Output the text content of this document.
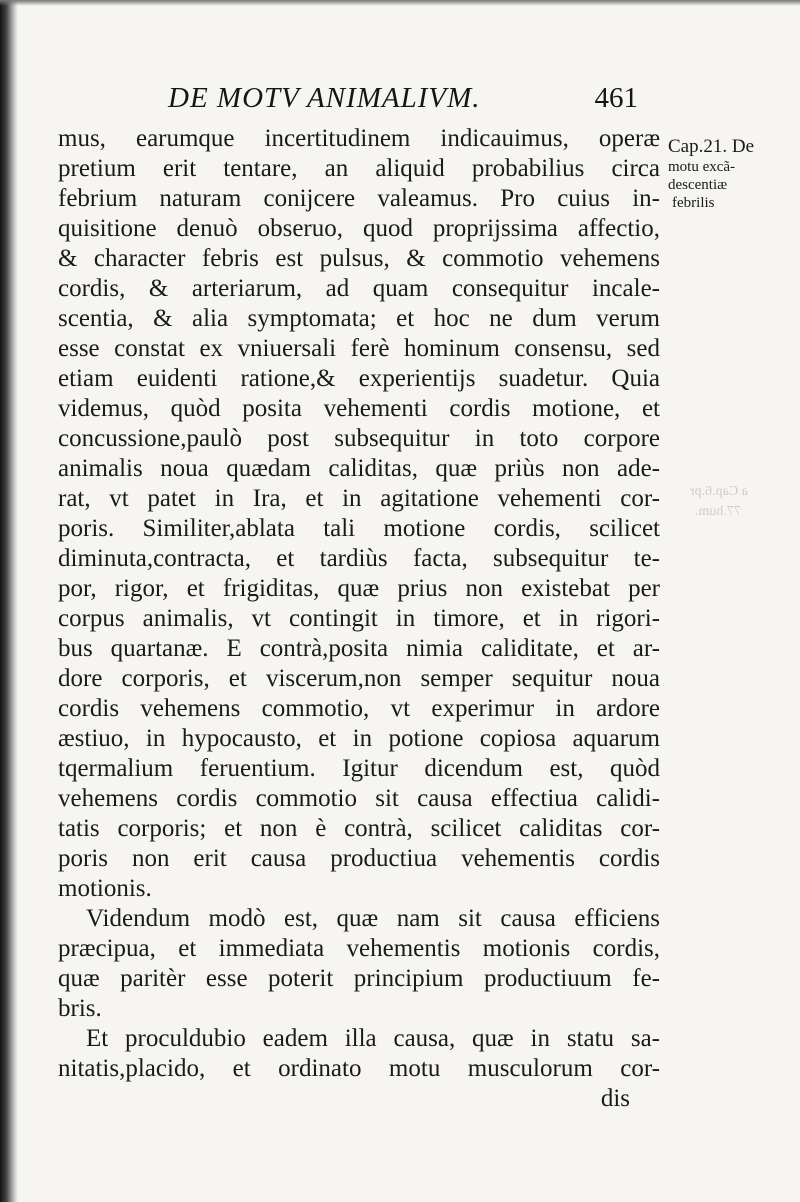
DE MOTV ANIMALIVM.	461
Cap.21. De
motu excã-
descentiæ
febrilis
a Cap.6.pr
77.hum.
mus, earumque incertitudinem indicauimus, operæ
pretium erit tentare, an aliquid probabilius circa
febrium naturam conijcere valeamus. Pro cuius in-
quisitione denuò obseruo, quod proprijssima affectio,
& character febris est pulsus, & commotio vehemens
cordis, & arteriarum, ad quam consequitur incale-
scentia, & alia symptomata; et hoc ne dum verum
esse constat ex vniuersali ferè hominum consensu, sed
etiam euidenti ratione,& experientijs suadetur. Quia
videmus, quòd posita vehementi cordis motione, et
concussione,paulò post subsequitur in toto corpore
animalis noua quædam caliditas, quæ priùs non ade-
rat, vt patet in Ira, et in agitatione vehementi cor-
poris. Similiter,ablata tali motione cordis, scilicet
diminuta,contracta, et tardiùs facta, subsequitur te-
por, rigor, et frigiditas, quæ prius non existebat per
corpus animalis, vt contingit in timore, et in rigori-
bus quartanæ. E contrà,posita nimia caliditate, et ar-
dore corporis, et viscerum,non semper sequitur noua
cordis vehemens commotio, vt experimur in ardore
æstiuo, in hypocausto, et in potione copiosa aquarum
tqermalium feruentium. Igitur dicendum est, quòd
vehemens cordis commotio sit causa effectiua calidi-
tatis corporis; et non è contrà, scilicet caliditas cor-
poris non erit causa productiua vehementis cordis
motionis.
Videndum modò est, quæ nam sit causa efficiens
præcipua, et immediata vehementis motionis cordis,
quæ paritèr esse poterit principium productiuum fe-
bris.
Et proculdubio eadem illa causa, quæ in statu sa-
nitatis,placido, et ordinato motu musculorum cor-
dis
